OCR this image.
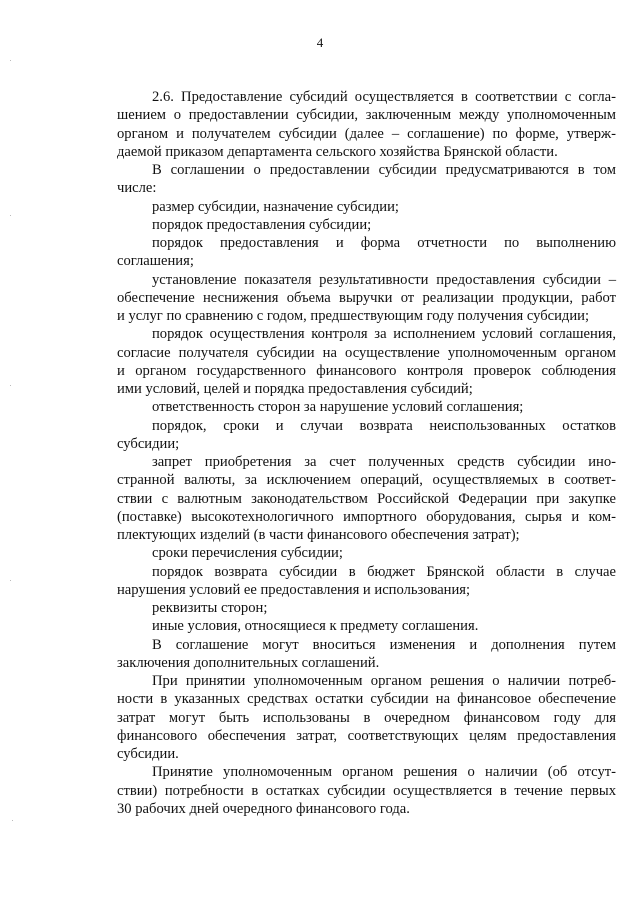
4
2.6. Предоставление субсидий осуществляется в соответствии с согла-
шением о предоставлении субсидии, заключенным между уполномоченным
органом и получателем субсидии (далее – соглашение) по форме, утверж-
даемой приказом департамента сельского хозяйства Брянской области.
В соглашении о предоставлении субсидии предусматриваются в том
числе:
размер субсидии, назначение субсидии;
порядок предоставления субсидии;
порядок предоставления и форма отчетности по выполнению
соглашения;
установление показателя результативности предоставления субсидии –
обеспечение неснижения объема выручки от реализации продукции, работ
и услуг по сравнению с годом, предшествующим году получения субсидии;
порядок осуществления контроля за исполнением условий соглашения,
согласие получателя субсидии на осуществление уполномоченным органом
и органом государственного финансового контроля проверок соблюдения
ими условий, целей и порядка предоставления субсидий;
ответственность сторон за нарушение условий соглашения;
порядок, сроки и случаи возврата неиспользованных остатков
субсидии;
запрет приобретения за счет полученных средств субсидии ино-
странной валюты, за исключением операций, осуществляемых в соответ-
ствии с валютным законодательством Российской Федерации при закупке
(поставке) высокотехнологичного импортного оборудования, сырья и ком-
плектующих изделий (в части финансового обеспечения затрат);
сроки перечисления субсидии;
порядок возврата субсидии в бюджет Брянской области в случае
нарушения условий ее предоставления и использования;
реквизиты сторон;
иные условия, относящиеся к предмету соглашения.
В соглашение могут вноситься изменения и дополнения путем
заключения дополнительных соглашений.
При принятии уполномоченным органом решения о наличии потреб-
ности в указанных средствах остатки субсидии на финансовое обеспечение
затрат могут быть использованы в очередном финансовом году для
финансового обеспечения затрат, соответствующих целям предоставления
субсидии.
Принятие уполномоченным органом решения о наличии (об отсут-
ствии) потребности в остатках субсидии осуществляется в течение первых
30 рабочих дней очередного финансового года.
